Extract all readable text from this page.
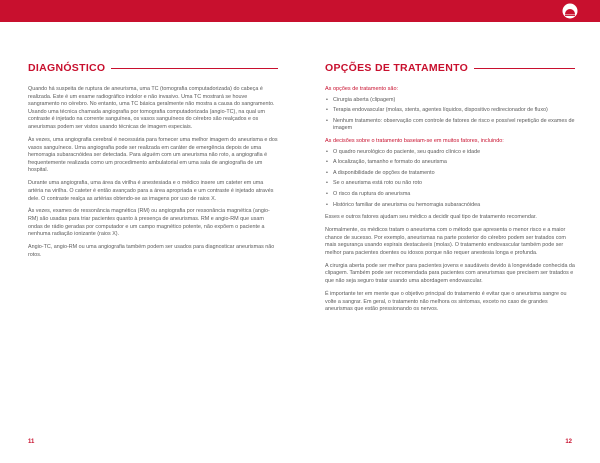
DIAGNÓSTICO

Quando há suspeita de ruptura de aneurisma, uma TC (tomografia computadorizada) do cabeça é realizada. Este é um exame radiográfico indolor e não invasivo. Uma TC mostrará se houve sangramento no cérebro. No entanto, uma TC básica geralmente não mostra a causa do sangramento. Usando uma técnica chamada angiografia por tomografia computadorizada (angio-TC), na qual um contraste é injetado na corrente sanguínea, os vasos sanguíneos do cérebro são realçados e os aneurismas podem ser vistos usando técnicas de imagem especiais.

Às vezes, uma angiografia cerebral é necessária para fornecer uma melhor imagem do aneurisma e dos vasos sanguíneos. Uma angiografia pode ser realizada em caráter de emergência depois de uma hemorragia subaracnóidea ser detectada. Para alguém com um aneurisma não roto, a angiografia é frequentemente realizada como um procedimento ambulatorial em uma sala de angiografia de um hospital.

Durante uma angiografia, uma área da virilha é anestesiada e o médico insere um cateter em uma artéria na virilha. O cateter é então avançado para a área apropriada e um contraste é injetado através dele. O contraste realça as artérias obtendo-se as imagens por uso de raios X.

Às vezes, exames de ressonância magnética (RM) ou angiografia por ressonância magnética (angio-RM) são usadas para triar pacientes quanto à presença de aneurismas. RM e angio-RM que usam ondas de rádio geradas por computador e um campo magnético potente, não expõem o paciente a nenhuma radiação ionizante (raios X).

Angio-TC, angio-RM ou uma angiografia também podem ser usados para diagnosticar aneurismas não rotos.

OPÇÕES DE TRATAMENTO

As opções de tratamento são:

• Cirurgia aberta (clipagem)
• Terapia endovascular (molas, stents, agentes líquidos, dispositivo redirecionador de fluxo)
• Nenhum tratamento: observação com controle de fatores de risco e possível repetição de exames de imagem

As decisões sobre o tratamento baseiam-se em muitos fatores, incluindo:

• O quadro neurológico do paciente, seu quadro clínico e idade
• A localização, tamanho e formato do aneurisma
• A disponibilidade de opções de tratamento
• Se o aneurisma está roto ou não roto
• O risco da ruptura do aneurisma
• Histórico familiar de aneurisma ou hemorragia subaracnóidea

Esses e outros fatores ajudam seu médico a decidir qual tipo de tratamento recomendar.

Normalmente, os médicos tratam o aneurisma com o método que apresenta o menor risco e a maior chance de sucesso. Por exemplo, aneurismas na parte posterior do cérebro podem ser tratados com mais segurança usando espirais destacáveis (molas). O tratamento endovascular também pode ser melhor para pacientes doentes ou idosos porque não requer anestesia longa e profunda.

A cirurgia aberta pode ser melhor para pacientes jovens e saudáveis devido à longevidade conhecida da clipagem. Também pode ser recomendada para pacientes com aneurismas que precisem ser tratados e que não seja seguro tratar usando uma abordagem endovascular.

É importante ter em mente que o objetivo principal do tratamento é evitar que o aneurisma sangre ou volte a sangrar. Em geral, o tratamento não melhora os sintomas, exceto no caso de grandes aneurismas que estão pressionando os nervos.

11	12
